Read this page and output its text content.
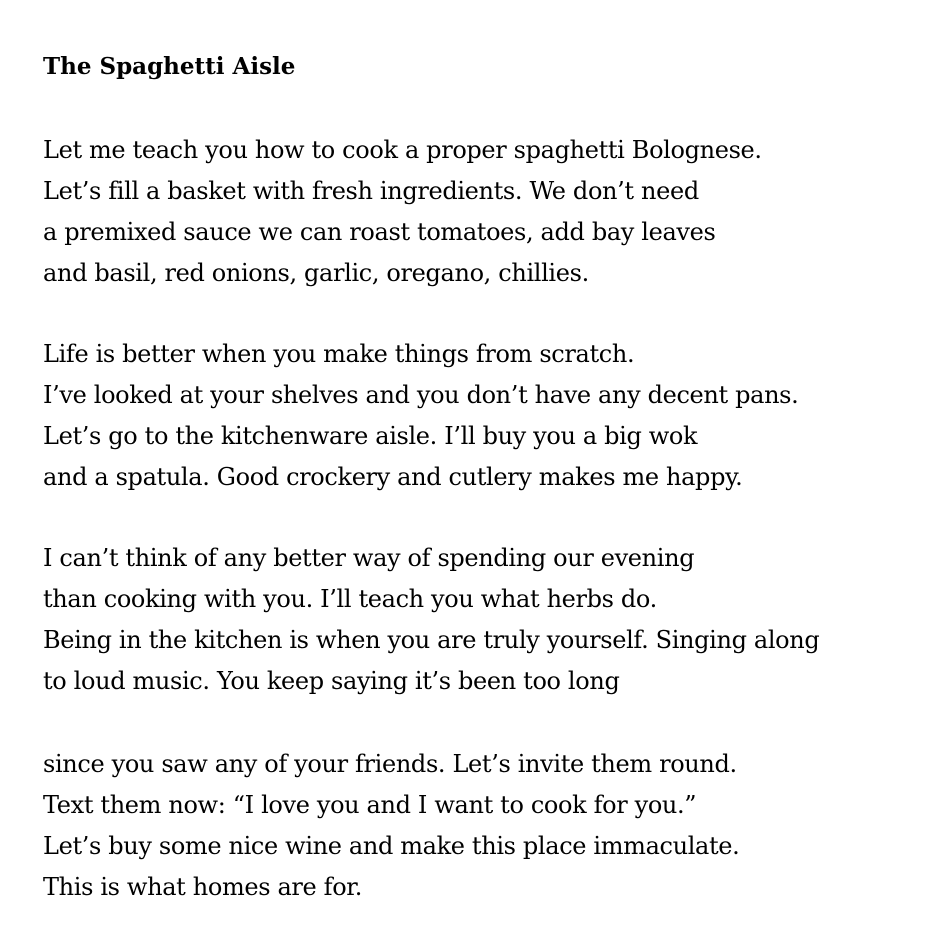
The Spaghetti Aisle

Let me teach you how to cook a proper spaghetti Bolognese.
Let’s fill a basket with fresh ingredients. We don’t need
a premixed sauce we can roast tomatoes, add bay leaves
and basil, red onions, garlic, oregano, chillies.

Life is better when you make things from scratch.
I’ve looked at your shelves and you don’t have any decent pans.
Let’s go to the kitchenware aisle. I’ll buy you a big wok
and a spatula. Good crockery and cutlery makes me happy.

I can’t think of any better way of spending our evening
than cooking with you. I’ll teach you what herbs do.
Being in the kitchen is when you are truly yourself. Singing along
to loud music. You keep saying it’s been too long

since you saw any of your friends. Let’s invite them round.
Text them now: “I love you and I want to cook for you.”
Let’s buy some nice wine and make this place immaculate.
This is what homes are for.
